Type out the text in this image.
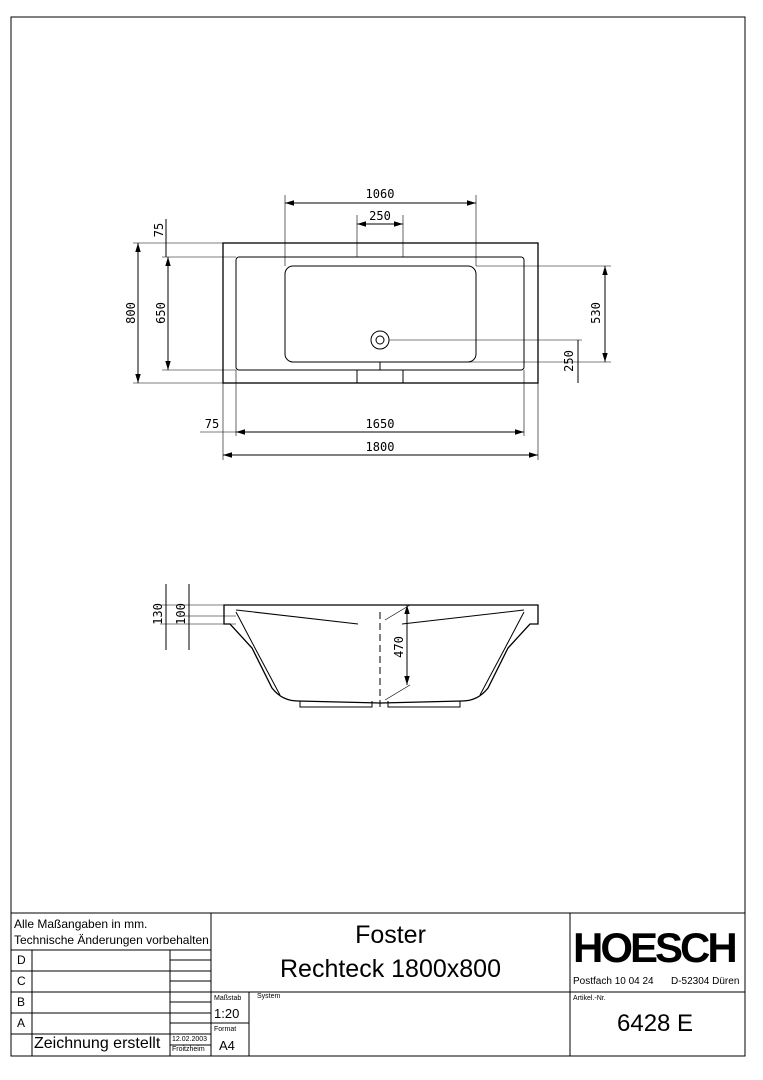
1060
250
75
800 650	530
250
75	1650
1800
130 100
470
Alle Maßangaben in mm.
Technische Änderungen vorbehalten
D
C
B
A
Zeichnung erstellt 12.02.2003
Froitzheim
Maßstab
1:20
Format
A4
System
Foster
Rechteck 1800x800	HOESCH
Postfach 10 04 24 D-52304 Düren
Artikel.-Nr.
6428 E
